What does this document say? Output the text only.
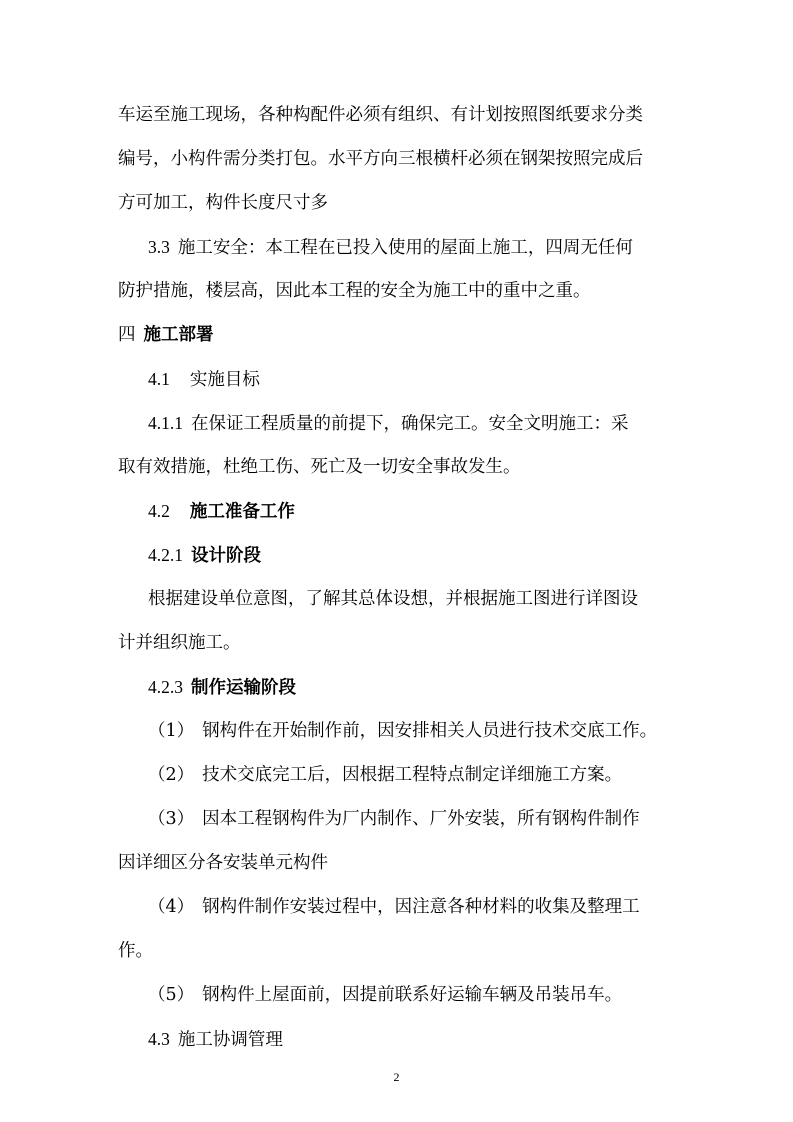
车运至施工现场，各种构配件必须有组织、有计划按照图纸要求分类
编号，小构件需分类打包。水平方向三根横杆必须在钢架按照完成后
方可加工，构件长度尺寸多
3.3 施工安全：本工程在已投入使用的屋面上施工，四周无任何
防护措施，楼层高，因此本工程的安全为施工中的重中之重。
四 施工部署
4.1 实施目标
4.1.1 在保证工程质量的前提下，确保完工。安全文明施工：采
取有效措施，杜绝工伤、死亡及一切安全事故发生。
4.2 施工准备工作
4.2.1 设计阶段
根据建设单位意图，了解其总体设想，并根据施工图进行详图设
计并组织施工。
4.2.3 制作运输阶段
（1） 钢构件在开始制作前，因安排相关人员进行技术交底工作。
（2） 技术交底完工后，因根据工程特点制定详细施工方案。
（3） 因本工程钢构件为厂内制作、厂外安装，所有钢构件制作
因详细区分各安装单元构件
（4） 钢构件制作安装过程中，因注意各种材料的收集及整理工
作。
（5） 钢构件上屋面前，因提前联系好运输车辆及吊装吊车。
4.3 施工协调管理
2
